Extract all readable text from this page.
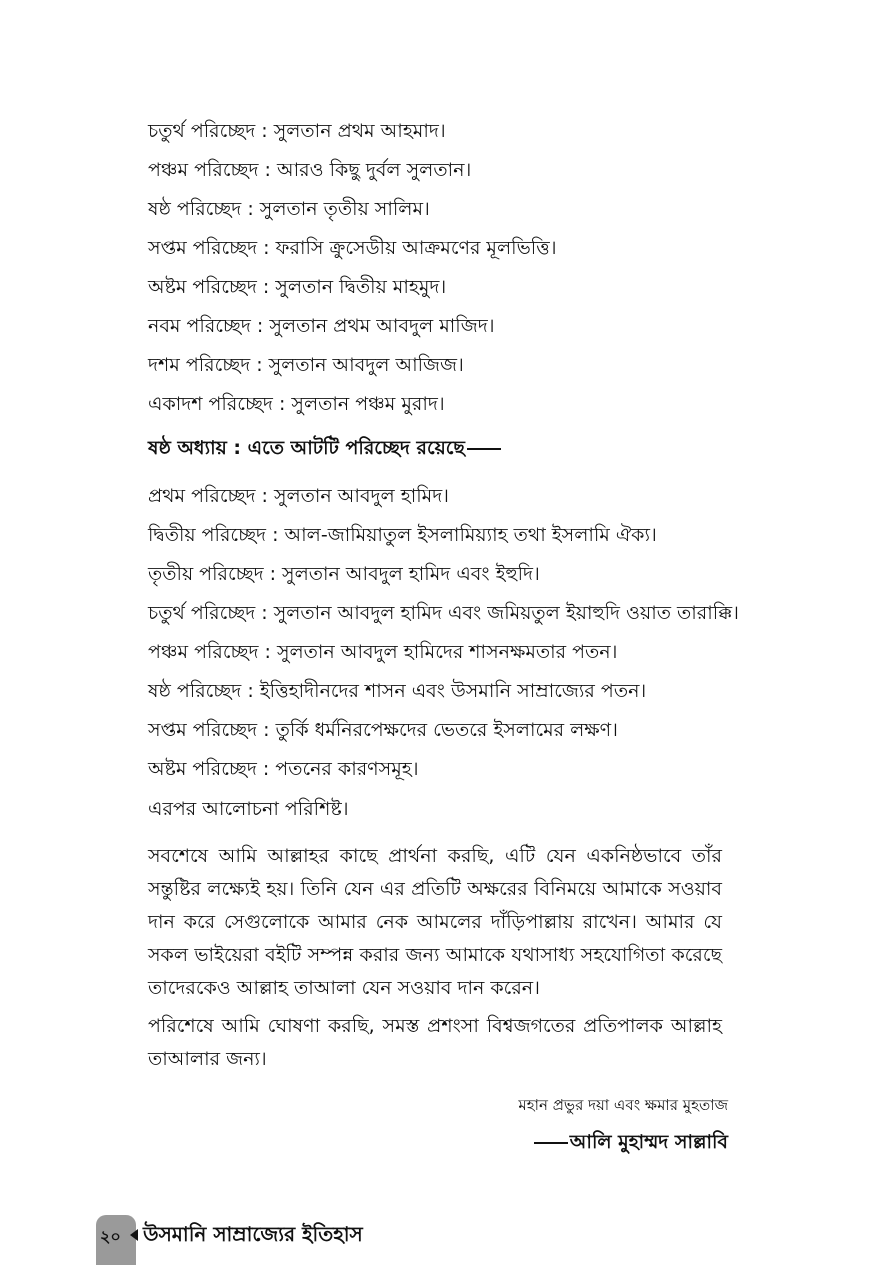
চতুর্থ পরিচ্ছেদ : সুলতান প্রথম আহমাদ।
পঞ্চম পরিচ্ছেদ : আরও কিছু দুর্বল সুলতান।
ষষ্ঠ পরিচ্ছেদ : সুলতান তৃতীয় সালিম।
সপ্তম পরিচ্ছেদ : ফরাসি ক্রুসেডীয় আক্রমণের মূলভিত্তি।
অষ্টম পরিচ্ছেদ : সুলতান দ্বিতীয় মাহমুদ।
নবম পরিচ্ছেদ : সুলতান প্রথম আবদুল মাজিদ।
দশম পরিচ্ছেদ : সুলতান আবদুল আজিজ।
একাদশ পরিচ্ছেদ : সুলতান পঞ্চম মুরাদ।
ষষ্ঠ অধ্যায় : এতে আটটি পরিচ্ছেদ রয়েছে
প্রথম পরিচ্ছেদ : সুলতান আবদুল হামিদ।
দ্বিতীয় পরিচ্ছেদ : আল-জামিয়াতুল ইসলামিয়্যাহ তথা ইসলামি ঐক্য।
তৃতীয় পরিচ্ছেদ : সুলতান আবদুল হামিদ এবং ইহুদি।
চতুর্থ পরিচ্ছেদ : সুলতান আবদুল হামিদ এবং জমিয়তুল ইয়াহুদি ওয়াত তারাক্কি।
পঞ্চম পরিচ্ছেদ : সুলতান আবদুল হামিদের শাসনক্ষমতার পতন।
ষষ্ঠ পরিচ্ছেদ : ইত্তিহাদীনদের শাসন এবং উসমানি সাম্রাজ্যের পতন।
সপ্তম পরিচ্ছেদ : তুর্কি ধর্মনিরপেক্ষদের ভেতরে ইসলামের লক্ষণ।
অষ্টম পরিচ্ছেদ : পতনের কারণসমূহ।
এরপর আলোচনা পরিশিষ্ট।

সবশেষে আমি আল্লাহর কাছে প্রার্থনা করছি, এটি যেন একনিষ্ঠভাবে তাঁর সন্তুষ্টির লক্ষ্যেই হয়। তিনি যেন এর প্রতিটি অক্ষরের বিনিময়ে আমাকে সওয়াব দান করে সেগুলোকে আমার নেক আমলের দাঁড়িপাল্লায় রাখেন। আমার যে সকল ভাইয়েরা বইটি সম্পন্ন করার জন্য আমাকে যথাসাধ্য সহযোগিতা করেছে তাদেরকেও আল্লাহ তাআলা যেন সওয়াব দান করেন।

পরিশেষে আমি ঘোষণা করছি, সমস্ত প্রশংসা বিশ্বজগতের প্রতিপালক আল্লাহ তাআলার জন্য।

মহান প্রভুর দয়া এবং ক্ষমার মুহতাজ
আলি মুহাম্মদ সাল্লাবি
২০ উসমানি সাম্রাজ্যের ইতিহাস
